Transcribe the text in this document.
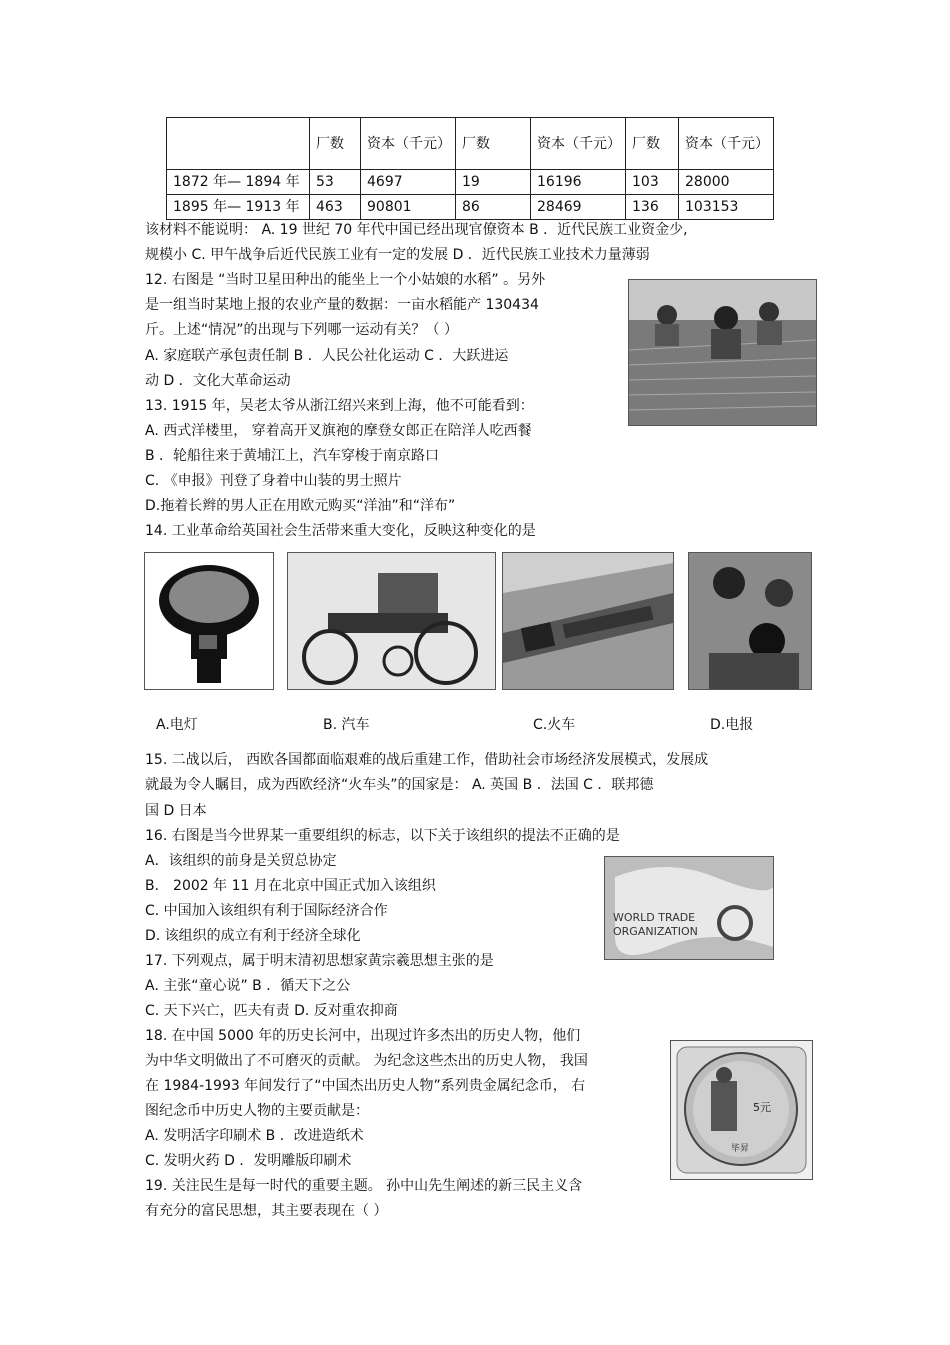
	厂数	资本（千元）	厂数	资本（千元）	厂数	资本（千元）
1872 年— 1894 年	53	4697	19	16196	103	28000
1895 年— 1913 年	463	90801	86	28469	136	103153
该材料不能说明： A. 19 世纪 70 年代中国已经出现官僚资本 B ．近代民族工业资金少,
规模小 C. 甲午战争后近代民族工业有一定的发展 D ．近代民族工业技术力量薄弱
12. 右图是 “当时卫星田种出的能坐上一个小姑娘的水稻” 。另外
是一组当时某地上报的农业产量的数据：一亩水稻能产 130434
斤。上述“情况”的出现与下列哪一运动有关？（ ）
A. 家庭联产承包责任制 B ．人民公社化运动 C ．大跃进运
动 D ．文化大革命运动
13. 1915 年，吴老太爷从浙江绍兴来到上海，他不可能看到：
A. 西式洋楼里， 穿着高开叉旗袍的摩登女郎正在陪洋人吃西餐
B ．轮船往来于黄埔江上，汽车穿梭于南京路口
C. 《申报》刊登了身着中山装的男士照片
D.拖着长辫的男人正在用欧元购买“洋油”和“洋布”
14. 工业革命给英国社会生活带来重大变化，反映这种变化的是
15. 二战以后， 西欧各国都面临艰难的战后重建工作，借助社会市场经济发展模式，发展成
就最为令人瞩目，成为西欧经济“火车头”的国家是： A. 英国 B ．法国 C ．联邦德
国 D 日本
16. 右图是当今世界某一重要组织的标志，以下关于该组织的提法不正确的是
A．该组织的前身是关贸总协定
B． 2002 年 11 月在北京中国正式加入该组织
C. 中国加入该组织有利于国际经济合作
D. 该组织的成立有利于经济全球化
17. 下列观点，属于明末清初思想家黄宗羲思想主张的是
A. 主张“童心说” B ．循天下之公
C. 天下兴亡，匹夫有责 D. 反对重农抑商
18. 在中国 5000 年的历史长河中，出现过许多杰出的历史人物，他们
为中华文明做出了不可磨灭的贡献。 为纪念这些杰出的历史人物， 我国
在 1984-1993 年间发行了“中国杰出历史人物”系列贵金属纪念币， 右
图纪念币中历史人物的主要贡献是：
A. 发明活字印刷术 B ．改进造纸术
C. 发明火药 D ．发明雕版印刷术
19. 关注民生是每一时代的重要主题。 孙中山先生阐述的新三民主义含
有充分的富民思想，其主要表现在（ ）
A.电灯	B. 汽车	C.火车	D.电报
WORLD TRADE
ORGANIZATION
5元
毕昇
